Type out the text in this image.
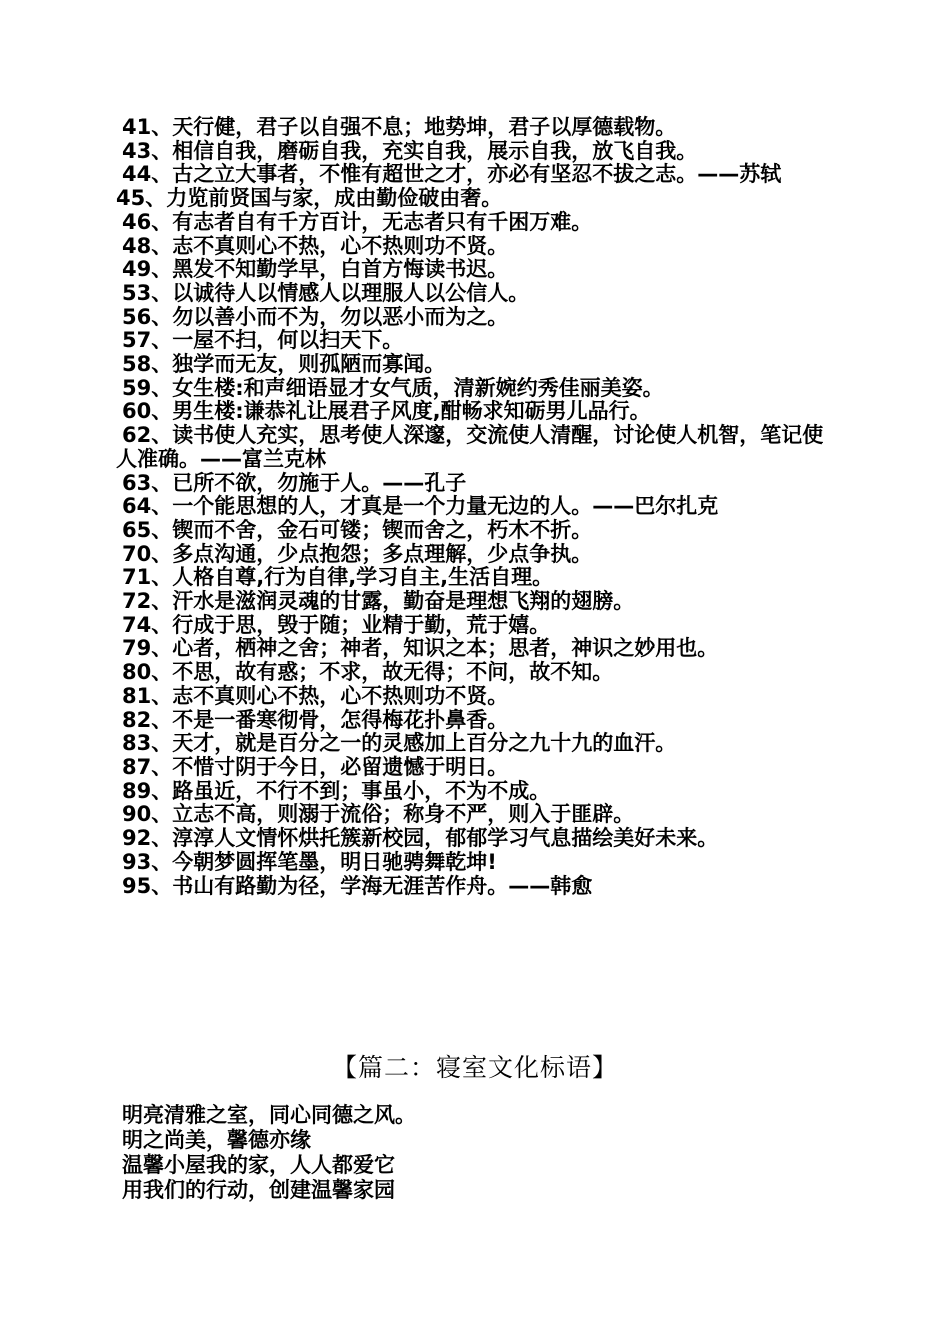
41、天行健，君子以自强不息；地势坤，君子以厚德载物。
43、相信自我，磨砺自我，充实自我，展示自我，放飞自我。
44、古之立大事者，不惟有超世之才，亦必有坚忍不拔之志。——苏轼
45、力览前贤国与家，成由勤俭破由奢。
46、有志者自有千方百计，无志者只有千困万难。
48、志不真则心不热，心不热则功不贤。
49、黑发不知勤学早，白首方悔读书迟。
53、以诚待人以情感人以理服人以公信人。
56、勿以善小而不为，勿以恶小而为之。
57、一屋不扫，何以扫天下。
58、独学而无友，则孤陋而寡闻。
59、女生楼:和声细语显才女气质，清新婉约秀佳丽美姿。
60、男生楼:谦恭礼让展君子风度,酣畅求知砺男儿品行。
62、读书使人充实，思考使人深邃，交流使人清醒，讨论使人机智，笔记使人准确。——富兰克林
63、已所不欲，勿施于人。——孔子
64、一个能思想的人，才真是一个力量无边的人。——巴尔扎克
65、锲而不舍，金石可镂；锲而舍之，朽木不折。
70、多点沟通，少点抱怨；多点理解，少点争执。
71、人格自尊,行为自律,学习自主,生活自理。
72、汗水是滋润灵魂的甘露，勤奋是理想飞翔的翅膀。
74、行成于思，毁于随；业精于勤，荒于嬉。
79、心者，栖神之舍；神者，知识之本；思者，神识之妙用也。
80、不思，故有惑；不求，故无得；不问，故不知。
81、志不真则心不热，心不热则功不贤。
82、不是一番寒彻骨，怎得梅花扑鼻香。
83、天才，就是百分之一的灵感加上百分之九十九的血汗。
87、不惜寸阴于今日，必留遗憾于明日。
89、路虽近，不行不到；事虽小，不为不成。
90、立志不高，则溺于流俗；称身不严，则入于匪辟。
92、淳淳人文情怀烘托簇新校园，郁郁学习气息描绘美好未来。
93、今朝梦圆挥笔墨，明日驰骋舞乾坤!
95、书山有路勤为径，学海无涯苦作舟。——韩愈
【篇二：寝室文化标语】
明亮清雅之室，同心同德之风。
明之尚美，馨德亦缘
温馨小屋我的家，人人都爱它
用我们的行动，创建温馨家园
